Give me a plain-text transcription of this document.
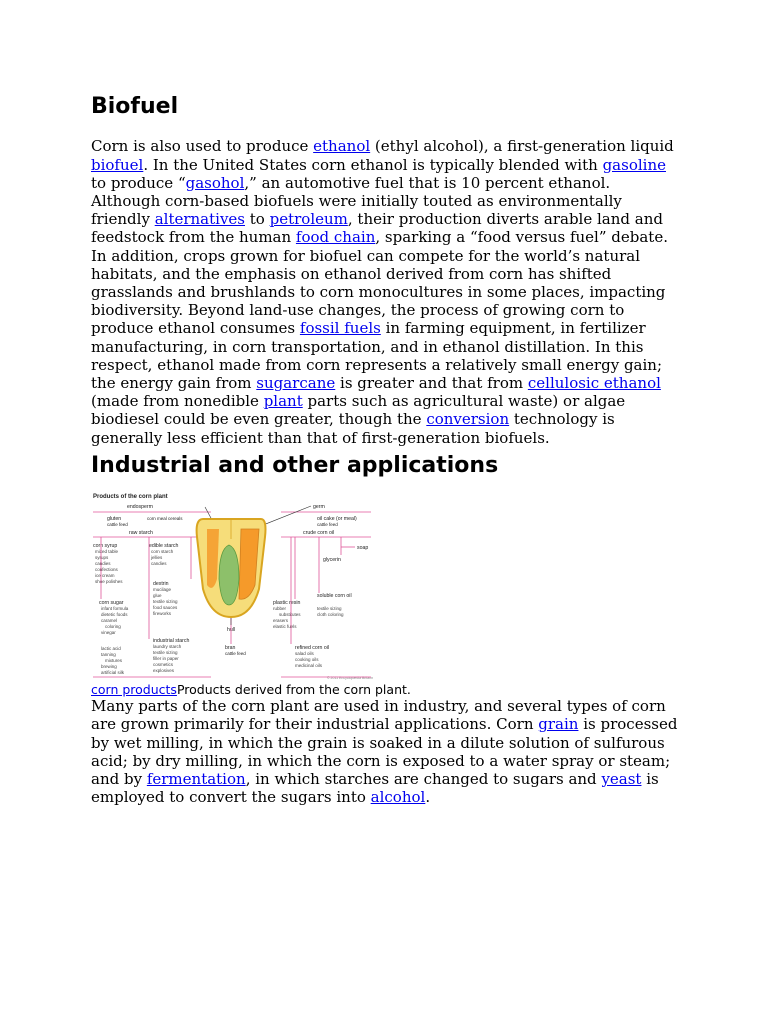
Biofuel

Corn is also used to produce ethanol (ethyl alcohol), a first-generation liquid biofuel. In the United States corn ethanol is typically blended with gasoline to produce “gasohol,” an automotive fuel that is 10 percent ethanol. Although corn-based biofuels were initially touted as environmentally friendly alternatives to petroleum, their production diverts arable land and feedstock from the human food chain, sparking a “food versus fuel” debate. In addition, crops grown for biofuel can compete for the world’s natural habitats, and the emphasis on ethanol derived from corn has shifted grasslands and brushlands to corn monocultures in some places, impacting biodiversity. Beyond land-use changes, the process of growing corn to produce ethanol consumes fossil fuels in farming equipment, in fertilizer manufacturing, in corn transportation, and in ethanol distillation. In this respect, ethanol made from corn represents a relatively small energy gain; the energy gain from sugarcane is greater and that from cellulosic ethanol (made from nonedible plant parts such as agricultural waste) or algae biodiesel could be even greater, though the conversion technology is generally less efficient than that of first-generation biofuels.

Industrial and other applications
Products of the corn plant
endosperm	germ
gluten
cattle feed
corn meal cereals
raw starch
oil cake (or meal)
cattle feed
crude corn oil
soap
glycerin
corn syrup	edible starch
dextrin
corn sugar
industrial starch
plastic resin
soluble corn oil
hull
bran
cattle feed
refined corn oil
© 2011 Encyclopædia Britannica
mixed table
syrups
candies
confections
ice cream
shoe polishes
corn starch
jellies
candies
mucilage
glue
textile sizing
food sauces
fireworks
infant formula
dietetic foods
caramel
coloring
vinegar
lactic acid
tanning
mixtures
brewing
artificial silk
laundry starch
textile sizing
filler in paper
cosmetics
explosives
rubber
substitutes
erasers
elastic fuels
textile sizing
cloth coloring
salad oils
cooking oils
medicinal oils
corn productsProducts derived from the corn plant.

Many parts of the corn plant are used in industry, and several types of corn are grown primarily for their industrial applications. Corn grain is processed by wet milling, in which the grain is soaked in a dilute solution of sulfurous acid; by dry milling, in which the corn is exposed to a water spray or steam; and by fermentation, in which starches are changed to sugars and yeast is employed to convert the sugars into alcohol.
